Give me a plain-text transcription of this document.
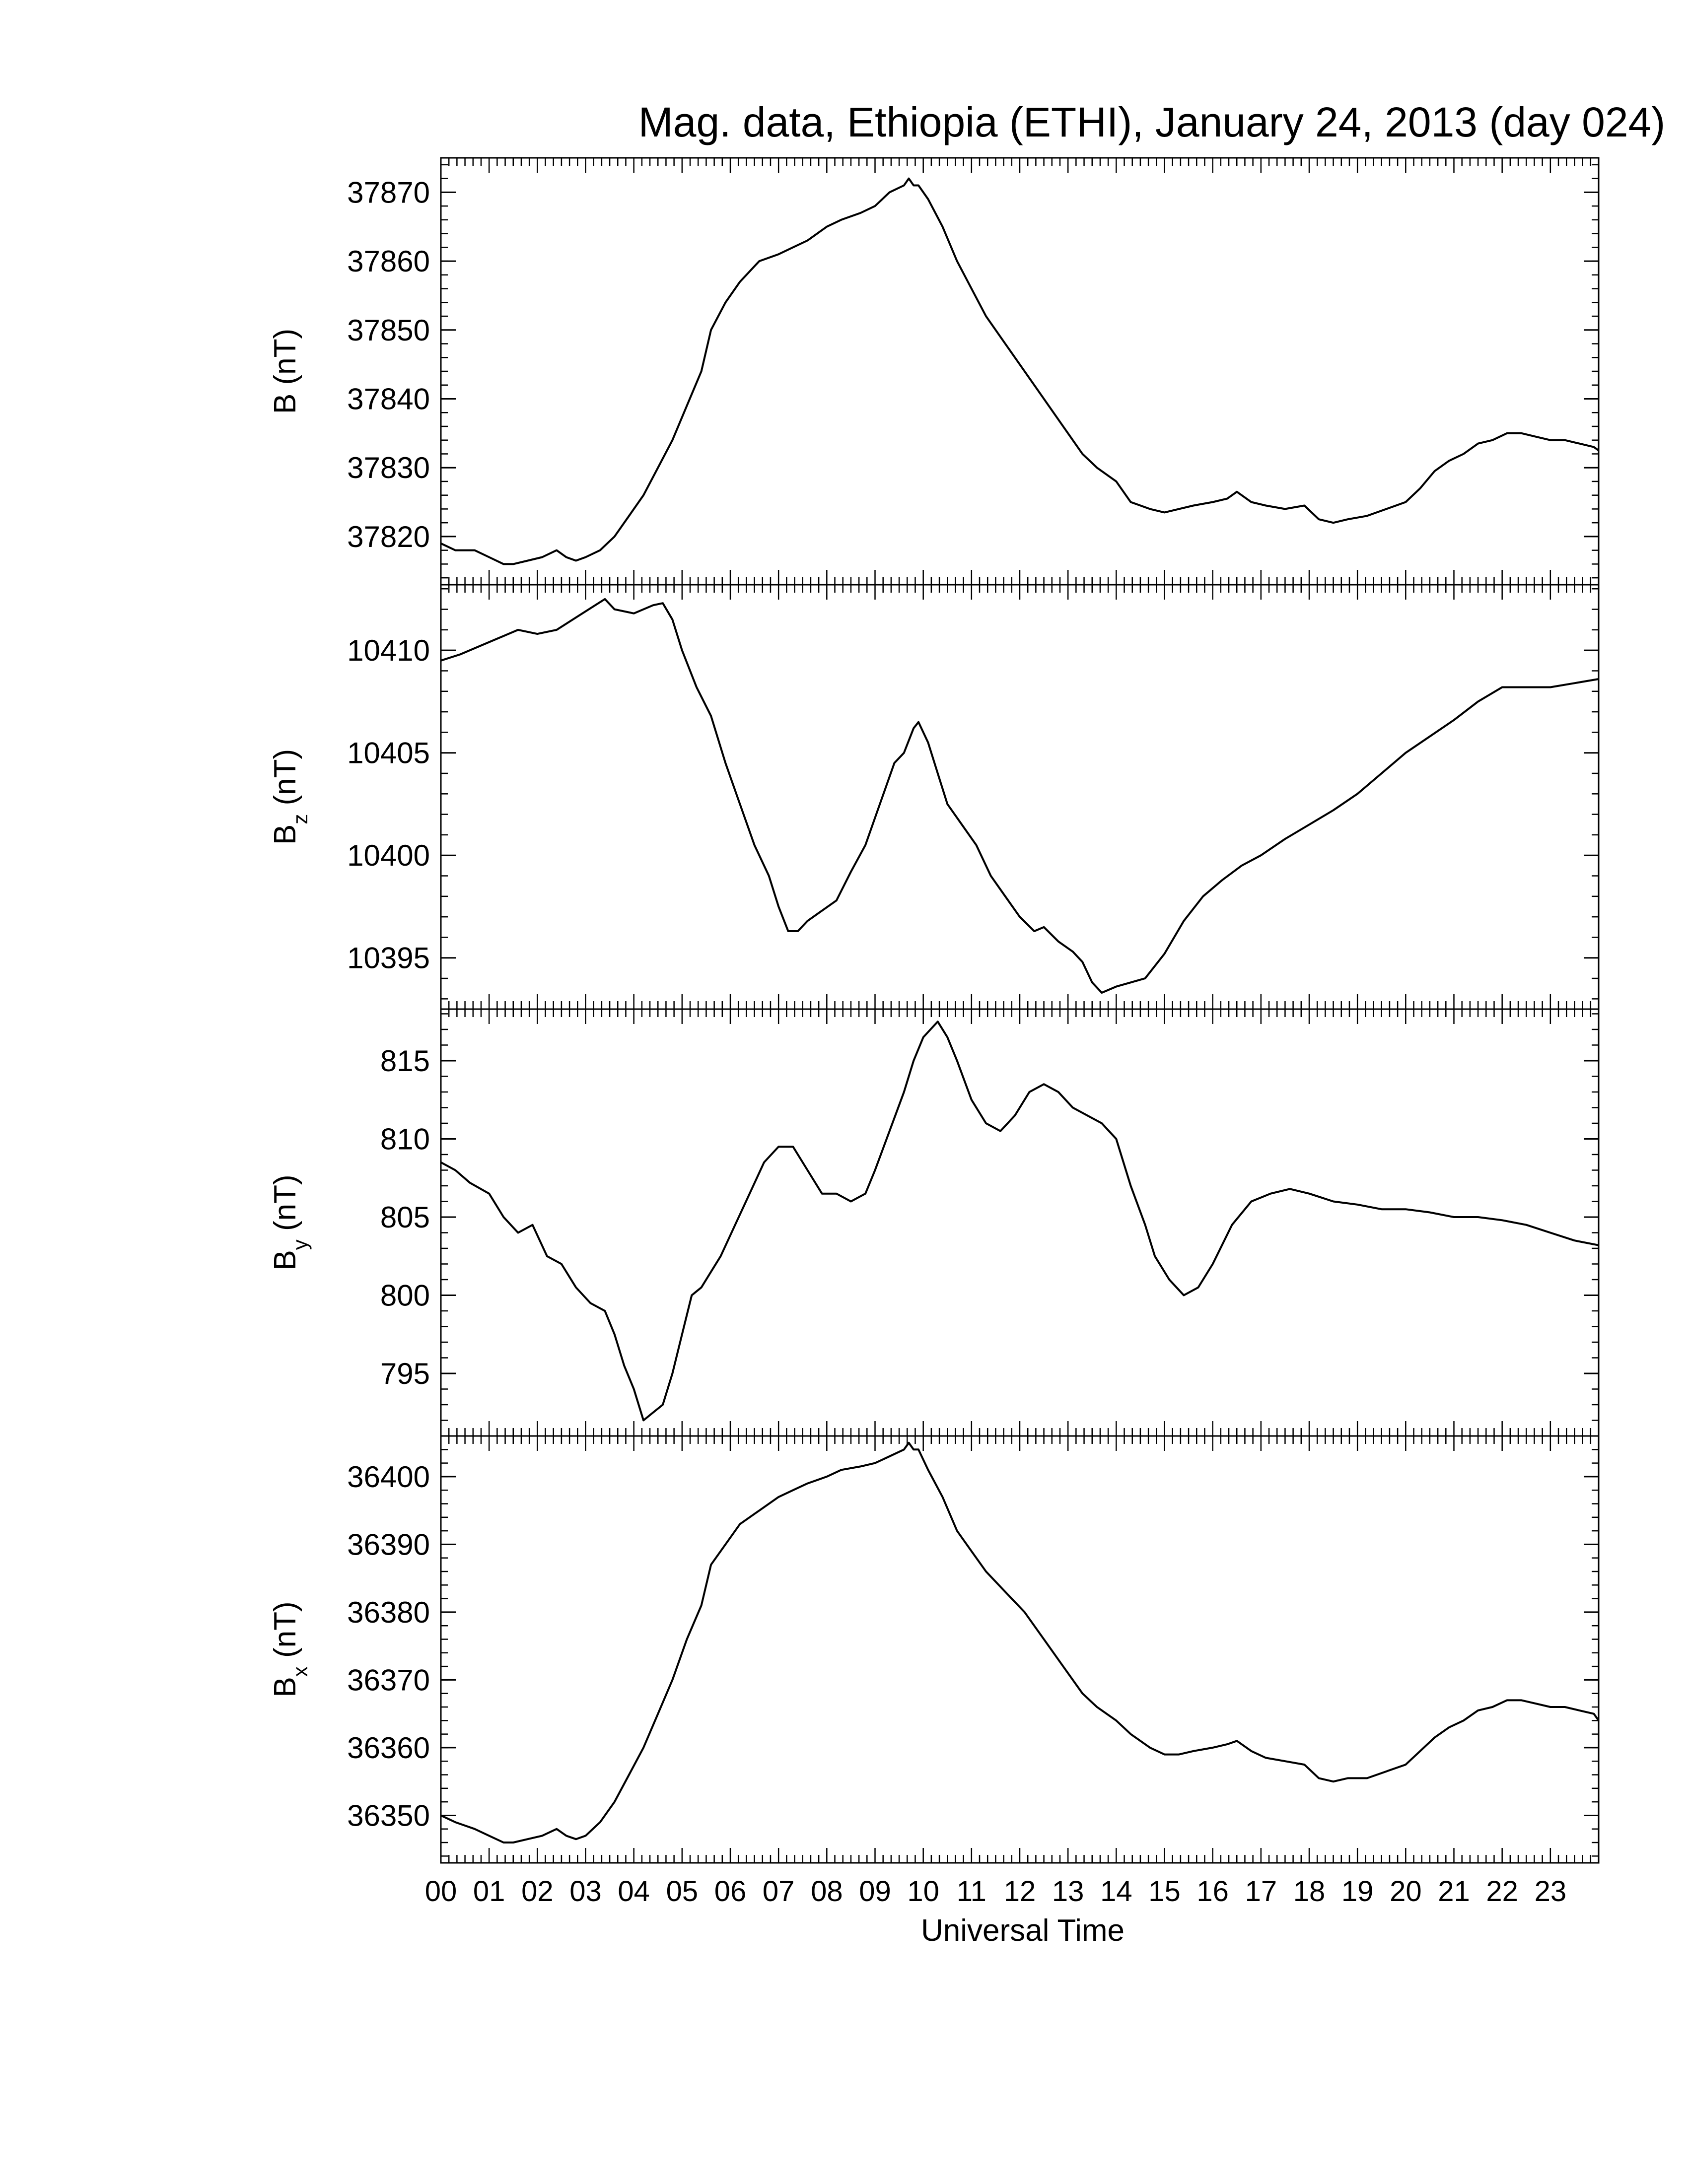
Mag. data, Ethiopia (ETHI), January 24, 2013 (day 024)
37820
37830
37840
37850
37860
37870
B (nT)
10395
10400
10405
10410
$B_z$ (nT)
795
800
805
810
815
$B_y$ (nT)
36350
36360
36370
36380
36390
36400
$B_x$ (nT)
00 01 02 03 04 05 06 07 08 09 10 11 12 13 14 15 16 17 18 19 20 21 22 23
Universal Time
